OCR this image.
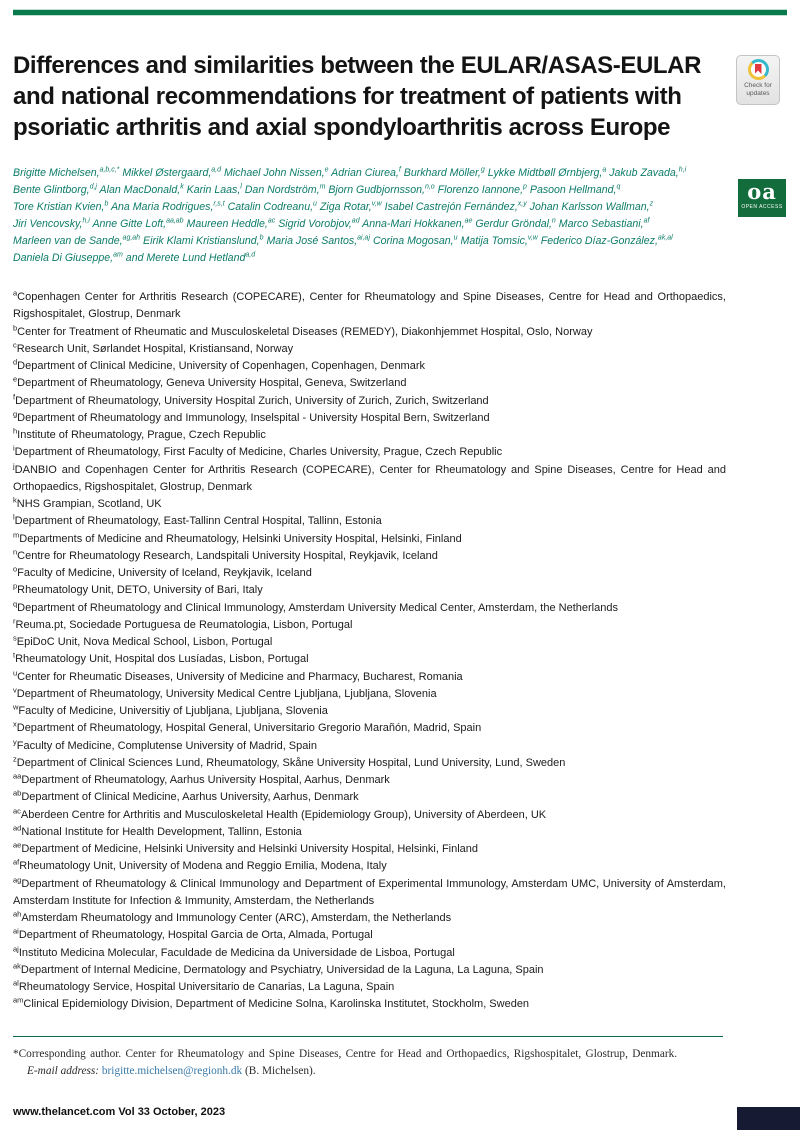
Check for
updates
Differences and similarities between the EULAR/ASAS-EULAR
and national recommendations for treatment of patients with
psoriatic arthritis and axial spondyloarthritis across Europe
Brigitte Michelsen,$^{a,b,c,*}$ Mikkel Østergaard,$^{a,d}$ Michael John Nissen,$^e$ Adrian Ciurea,$^f$ Burkhard Möller,$^g$ Lykke Midtbøll Ørnbjerg,$^a$ Jakub Zavada,$^{h,i}$
Bente Glintborg,$^{d,j}$ Alan MacDonald,$^k$ Karin Laas,$^l$ Dan Nordström,$^m$ Bjorn Gudbjornsson,$^{n,o}$ Florenzo Iannone,$^p$ Pasoon Hellmand,$^q$
Tore Kristian Kvien,$^b$ Ana Maria Rodrigues,$^{r,s,t}$ Catalin Codreanu,$^u$ Ziga Rotar,$^{v,w}$ Isabel Castrejón Fernández,$^{x,y}$ Johan Karlsson Wallman,$^z$
Jiri Vencovsky,$^{h,i}$ Anne Gitte Loft,$^{aa,ab}$ Maureen Heddle,$^{ac}$ Sigrid Vorobjov,$^{ad}$ Anna-Mari Hokkanen,$^{ae}$ Gerdur Gröndal,$^n$ Marco Sebastiani,$^{af}$
Marleen van de Sande,$^{ag,ah}$ Eirik Klami Kristianslund,$^b$ Maria José Santos,$^{ai,aj}$ Corina Mogosan,$^u$ Matija Tomsic,$^{v,w}$ Federico Díaz-González,$^{ak,al}$
Daniela Di Giuseppe,$^{am}$ and Merete Lund Hetland$^{a,d}$
oa
OPEN ACCESS
$^a$Copenhagen Center for Arthritis Research (COPECARE), Center for Rheumatology and Spine Diseases, Centre for Head and Orthopaedics, Rigshospitalet, Glostrup, Denmark
$^b$Center for Treatment of Rheumatic and Musculoskeletal Diseases (REMEDY), Diakonhjemmet Hospital, Oslo, Norway
$^c$Research Unit, Sørlandet Hospital, Kristiansand, Norway
$^d$Department of Clinical Medicine, University of Copenhagen, Copenhagen, Denmark
$^e$Department of Rheumatology, Geneva University Hospital, Geneva, Switzerland
$^f$Department of Rheumatology, University Hospital Zurich, University of Zurich, Zurich, Switzerland
$^g$Department of Rheumatology and Immunology, Inselspital - University Hospital Bern, Switzerland
$^h$Institute of Rheumatology, Prague, Czech Republic
$^i$Department of Rheumatology, First Faculty of Medicine, Charles University, Prague, Czech Republic
$^j$DANBIO and Copenhagen Center for Arthritis Research (COPECARE), Center for Rheumatology and Spine Diseases, Centre for Head and Orthopaedics, Rigshospitalet, Glostrup, Denmark
$^k$NHS Grampian, Scotland, UK
$^l$Department of Rheumatology, East-Tallinn Central Hospital, Tallinn, Estonia
$^m$Departments of Medicine and Rheumatology, Helsinki University Hospital, Helsinki, Finland
$^n$Centre for Rheumatology Research, Landspitali University Hospital, Reykjavik, Iceland
$^o$Faculty of Medicine, University of Iceland, Reykjavik, Iceland
$^p$Rheumatology Unit, DETO, University of Bari, Italy
$^q$Department of Rheumatology and Clinical Immunology, Amsterdam University Medical Center, Amsterdam, the Netherlands
$^r$Reuma.pt, Sociedade Portuguesa de Reumatologia, Lisbon, Portugal
$^s$EpiDoC Unit, Nova Medical School, Lisbon, Portugal
$^t$Rheumatology Unit, Hospital dos Lusíadas, Lisbon, Portugal
$^u$Center for Rheumatic Diseases, University of Medicine and Pharmacy, Bucharest, Romania
$^v$Department of Rheumatology, University Medical Centre Ljubljana, Ljubljana, Slovenia
$^w$Faculty of Medicine, Universitiy of Ljubljana, Ljubljana, Slovenia
$^x$Department of Rheumatology, Hospital General, Universitario Gregorio Marañón, Madrid, Spain
$^y$Faculty of Medicine, Complutense University of Madrid, Spain
$^z$Department of Clinical Sciences Lund, Rheumatology, Skåne University Hospital, Lund University, Lund, Sweden
$^{aa}$Department of Rheumatology, Aarhus University Hospital, Aarhus, Denmark
$^{ab}$Department of Clinical Medicine, Aarhus University, Aarhus, Denmark
$^{ac}$Aberdeen Centre for Arthritis and Musculoskeletal Health (Epidemiology Group), University of Aberdeen, UK
$^{ad}$National Institute for Health Development, Tallinn, Estonia
$^{ae}$Department of Medicine, Helsinki University and Helsinki University Hospital, Helsinki, Finland
$^{af}$Rheumatology Unit, University of Modena and Reggio Emilia, Modena, Italy
$^{ag}$Department of Rheumatology & Clinical Immunology and Department of Experimental Immunology, Amsterdam UMC, University of Amsterdam, Amsterdam Institute for Infection & Immunity, Amsterdam, the Netherlands
$^{ah}$Amsterdam Rheumatology and Immunology Center (ARC), Amsterdam, the Netherlands
$^{ai}$Department of Rheumatology, Hospital Garcia de Orta, Almada, Portugal
$^{aj}$Instituto Medicina Molecular, Faculdade de Medicina da Universidade de Lisboa, Portugal
$^{ak}$Department of Internal Medicine, Dermatology and Psychiatry, Universidad de la Laguna, La Laguna, Spain
$^{al}$Rheumatology Service, Hospital Universitario de Canarias, La Laguna, Spain
$^{am}$Clinical Epidemiology Division, Department of Medicine Solna, Karolinska Institutet, Stockholm, Sweden
*Corresponding author. Center for Rheumatology and Spine Diseases, Centre for Head and Orthopaedics, Rigshospitalet, Glostrup, Denmark.
E-mail address: brigitte.michelsen@regionh.dk (B. Michelsen).
www.thelancet.com Vol 33 October, 2023
